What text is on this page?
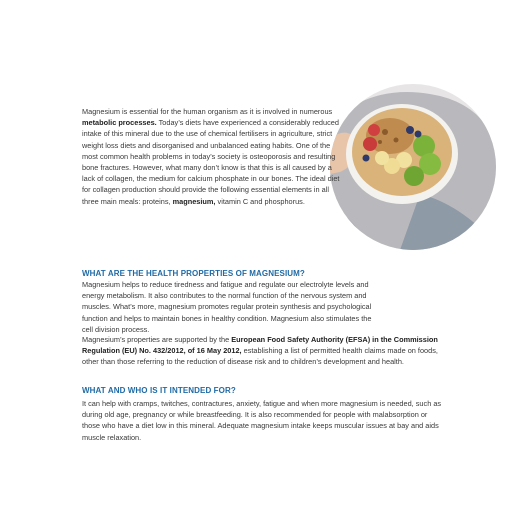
Magnesium is essential for the human organism as it is involved in numerous metabolic processes. Today’s diets have experienced a considerably reduced intake of this mineral due to the use of chemical fertilisers in agriculture, strict weight loss diets and disorganised and unbalanced eating habits. One of the most common health problems in today’s society is osteoporosis and resulting bone fractures. However, what many don’t know is that this is all caused by a lack of collagen, the medium for calcium phosphate in our bones. The ideal diet for collagen production should provide the following essential elements in all three main meals: proteins, magnesium, vitamin C and phosphorus.

WHAT ARE THE HEALTH PROPERTIES OF MAGNESIUM?

Magnesium helps to reduce tiredness and fatigue and regulate our electrolyte levels and energy metabolism. It also contributes to the normal function of the nervous system and muscles. What’s more, magnesium promotes regular protein synthesis and psychological function and helps to maintain bones in healthy condition. Magnesium also stimulates the cell division process.

Magnesium’s properties are supported by the European Food Safety Authority (EFSA) in the Commission Regulation (EU) No. 432/2012, of 16 May 2012, establishing a list of permitted health claims made on foods, other than those referring to the reduction of disease risk and to children’s development and health.

WHAT AND WHO IS IT INTENDED FOR?

It can help with cramps, twitches, contractures, anxiety, fatigue and when more magnesium is needed, such as during old age, pregnancy or while breastfeeding. It is also recommended for people with malabsorption or those who have a diet low in this mineral. Adequate magnesium intake keeps muscular issues at bay and aids muscle relaxation.
